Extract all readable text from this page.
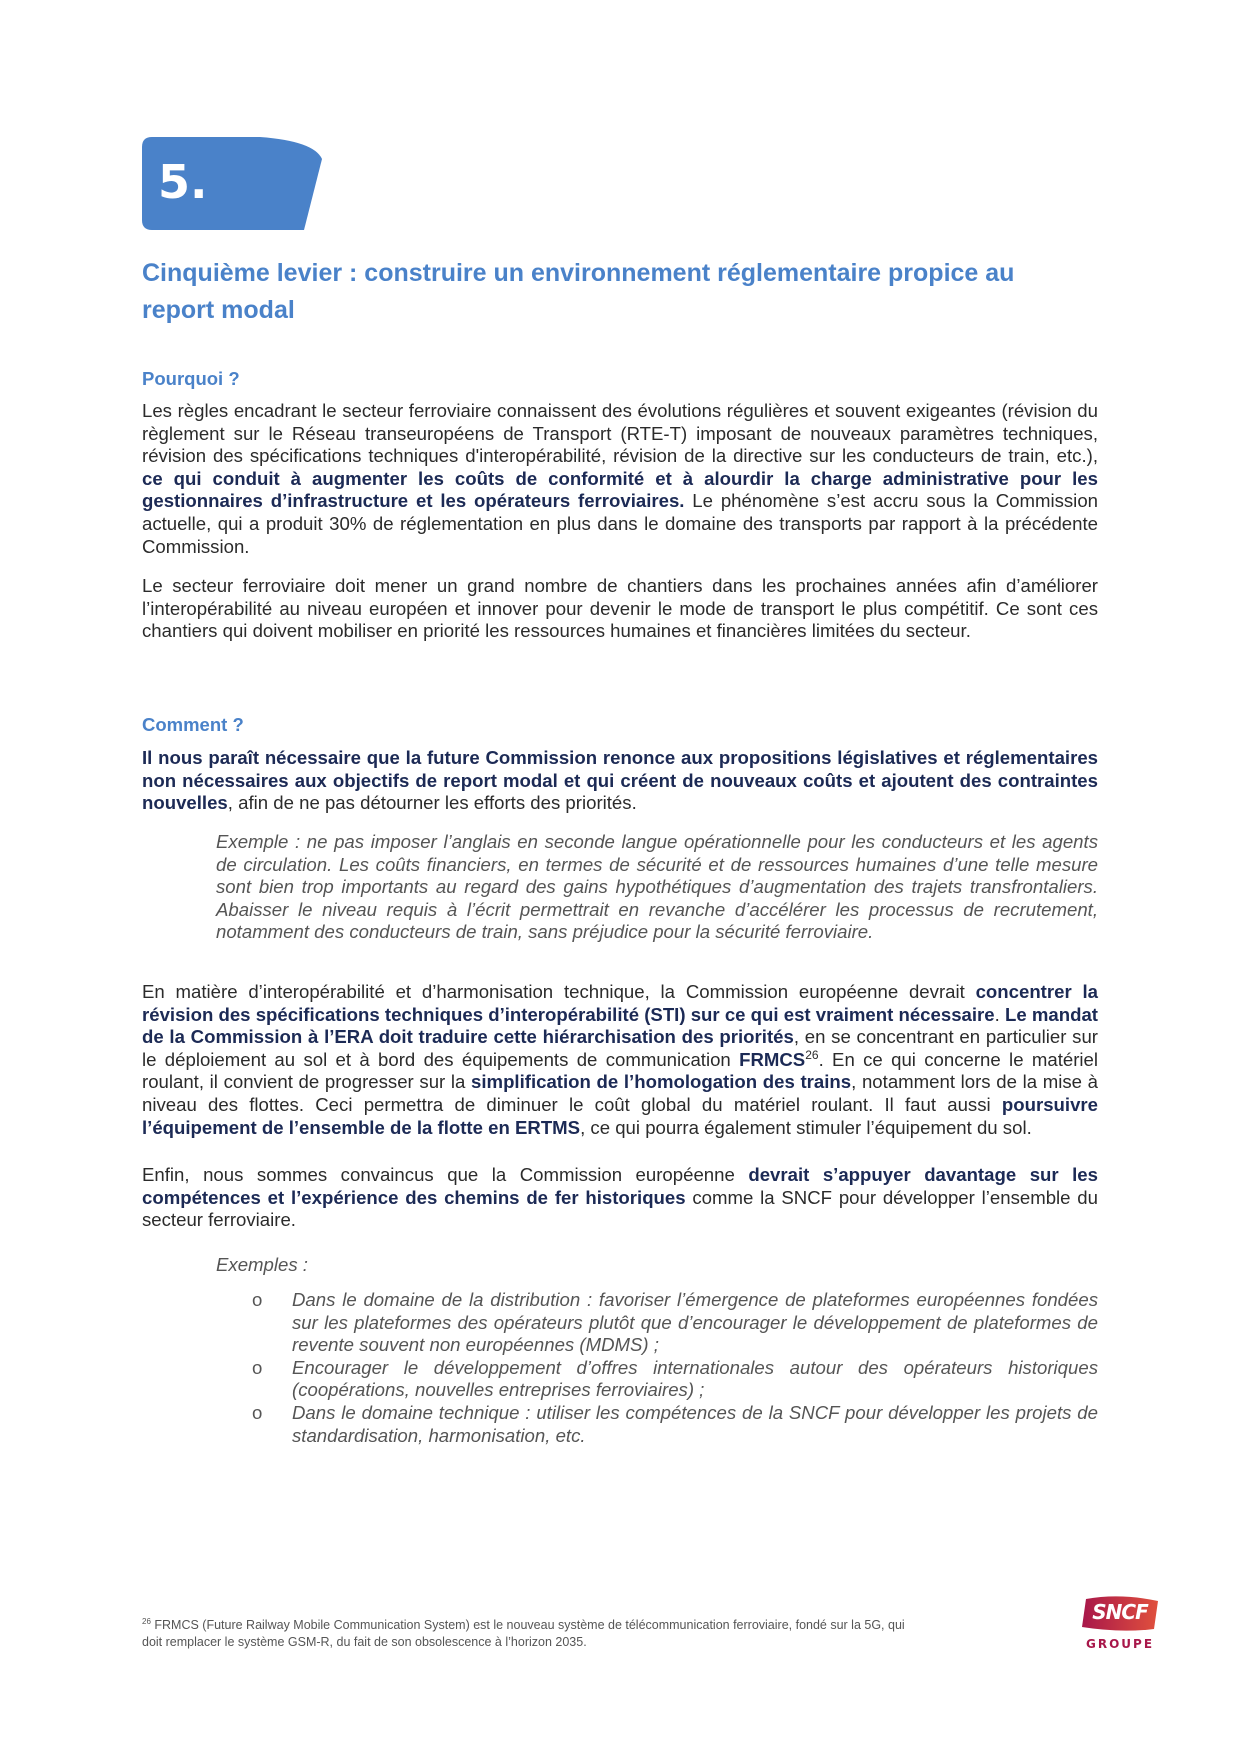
5.
Cinquième levier : construire un environnement réglementaire propice au report modal
Pourquoi ?

Les règles encadrant le secteur ferroviaire connaissent des évolutions régulières et souvent exigeantes (révision du règlement sur le Réseau transeuropéens de Transport (RTE-T) imposant de nouveaux paramètres techniques, révision des spécifications techniques d'interopérabilité, révision de la directive sur les conducteurs de train, etc.), ce qui conduit à augmenter les coûts de conformité et à alourdir la charge administrative pour les gestionnaires d’infrastructure et les opérateurs ferroviaires. Le phénomène s’est accru sous la Commission actuelle, qui a produit 30% de réglementation en plus dans le domaine des transports par rapport à la précédente Commission.

Le secteur ferroviaire doit mener un grand nombre de chantiers dans les prochaines années afin d’améliorer l’interopérabilité au niveau européen et innover pour devenir le mode de transport le plus compétitif. Ce sont ces chantiers qui doivent mobiliser en priorité les ressources humaines et financières limitées du secteur.

Comment ?

Il nous paraît nécessaire que la future Commission renonce aux propositions législatives et réglementaires non nécessaires aux objectifs de report modal et qui créent de nouveaux coûts et ajoutent des contraintes nouvelles, afin de ne pas détourner les efforts des priorités.

Exemple : ne pas imposer l’anglais en seconde langue opérationnelle pour les conducteurs et les agents de circulation. Les coûts financiers, en termes de sécurité et de ressources humaines d’une telle mesure sont bien trop importants au regard des gains hypothétiques d’augmentation des trajets transfrontaliers. Abaisser le niveau requis à l’écrit permettrait en revanche d’accélérer les processus de recrutement, notamment des conducteurs de train, sans préjudice pour la sécurité ferroviaire.

En matière d’interopérabilité et d’harmonisation technique, la Commission européenne devrait concentrer la révision des spécifications techniques d’interopérabilité (STI) sur ce qui est vraiment nécessaire. Le mandat de la Commission à l’ERA doit traduire cette hiérarchisation des priorités, en se concentrant en particulier sur le déploiement au sol et à bord des équipements de communication FRMCS$^{26}$. En ce qui concerne le matériel roulant, il convient de progresser sur la simplification de l’homologation des trains, notamment lors de la mise à niveau des flottes. Ceci permettra de diminuer le coût global du matériel roulant. Il faut aussi poursuivre l’équipement de l’ensemble de la flotte en ERTMS, ce qui pourra également stimuler l’équipement du sol.

Enfin, nous sommes convaincus que la Commission européenne devrait s’appuyer davantage sur les compétences et l’expérience des chemins de fer historiques comme la SNCF pour développer l’ensemble du secteur ferroviaire.

Exemples :

o Dans le domaine de la distribution : favoriser l’émergence de plateformes européennes fondées sur les plateformes des opérateurs plutôt que d’encourager le développement de plateformes de revente souvent non européennes (MDMS) ;
o Encourager le développement d’offres internationales autour des opérateurs historiques (coopérations, nouvelles entreprises ferroviaires) ;
o Dans le domaine technique : utiliser les compétences de la SNCF pour développer les projets de standardisation, harmonisation, etc.

$^{26}$ FRMCS (Future Railway Mobile Communication System) est le nouveau système de télécommunication ferroviaire, fondé sur la 5G, qui doit remplacer le système GSM-R, du fait de son obsolescence à l’horizon 2035.

SNCF
GROUPE
